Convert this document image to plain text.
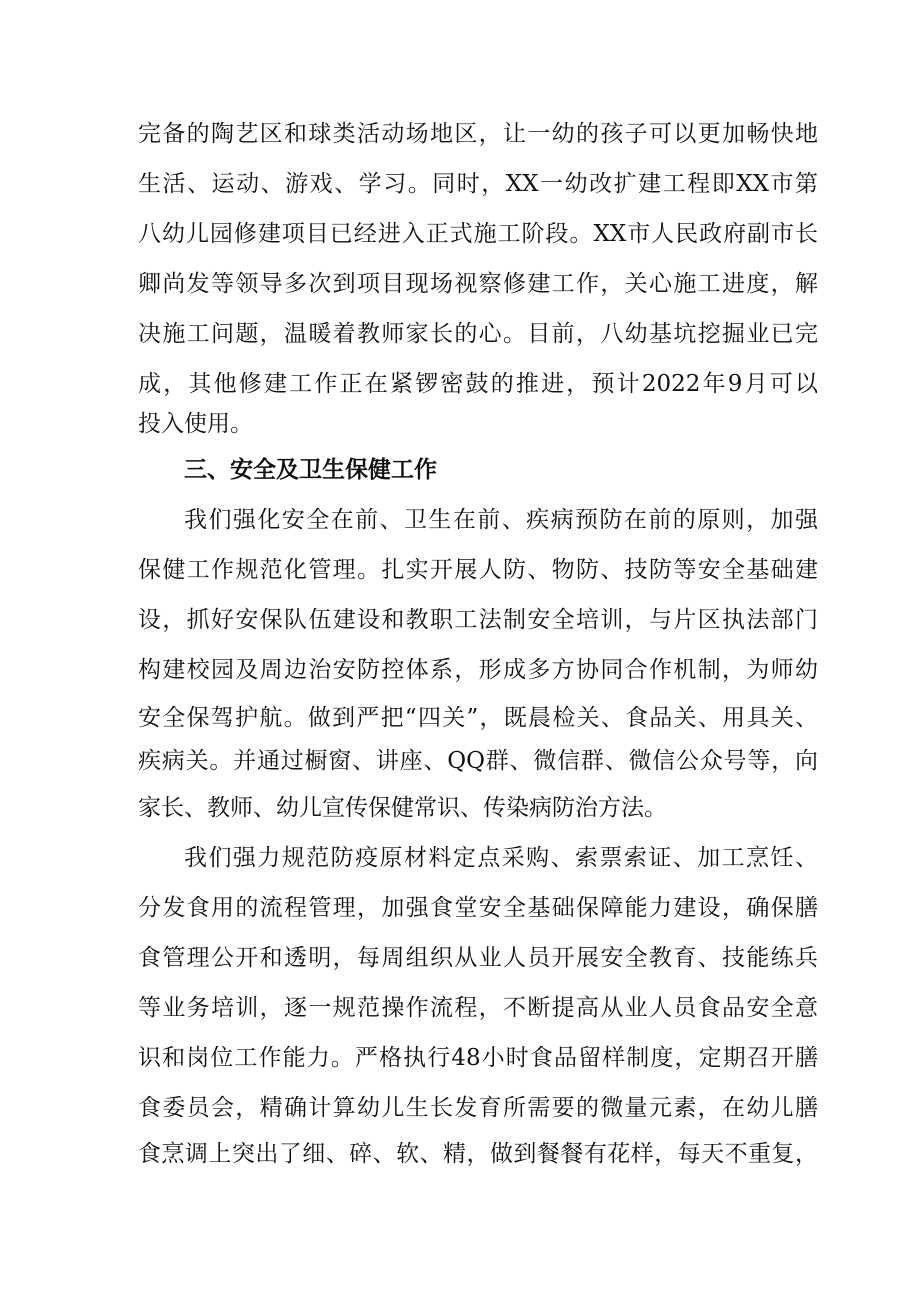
完备的陶艺区和球类活动场地区，让一幼的孩子可以更加畅快地
生活、运动、游戏、学习。同时，XX一幼改扩建工程即XX市第
八幼儿园修建项目已经进入正式施工阶段。XX市人民政府副市长
卿尚发等领导多次到项目现场视察修建工作，关心施工进度，解
决施工问题，温暖着教师家长的心。目前，八幼基坑挖掘业已完
成，其他修建工作正在紧锣密鼓的推进，预计2022年9月可以
投入使用。
三、安全及卫生保健工作
我们强化安全在前、卫生在前、疾病预防在前的原则，加强
保健工作规范化管理。扎实开展人防、物防、技防等安全基础建
设，抓好安保队伍建设和教职工法制安全培训，与片区执法部门
构建校园及周边治安防控体系，形成多方协同合作机制，为师幼
安全保驾护航。做到严把“四关”，既晨检关、食品关、用具关、
疾病关。并通过橱窗、讲座、QQ群、微信群、微信公众号等，向
家长、教师、幼儿宣传保健常识、传染病防治方法。
我们强力规范防疫原材料定点采购、索票索证、加工烹饪、
分发食用的流程管理，加强食堂安全基础保障能力建设，确保膳
食管理公开和透明，每周组织从业人员开展安全教育、技能练兵
等业务培训，逐一规范操作流程，不断提高从业人员食品安全意
识和岗位工作能力。严格执行48小时食品留样制度，定期召开膳
食委员会，精确计算幼儿生长发育所需要的微量元素，在幼儿膳
食烹调上突出了细、碎、软、精，做到餐餐有花样，每天不重复，
